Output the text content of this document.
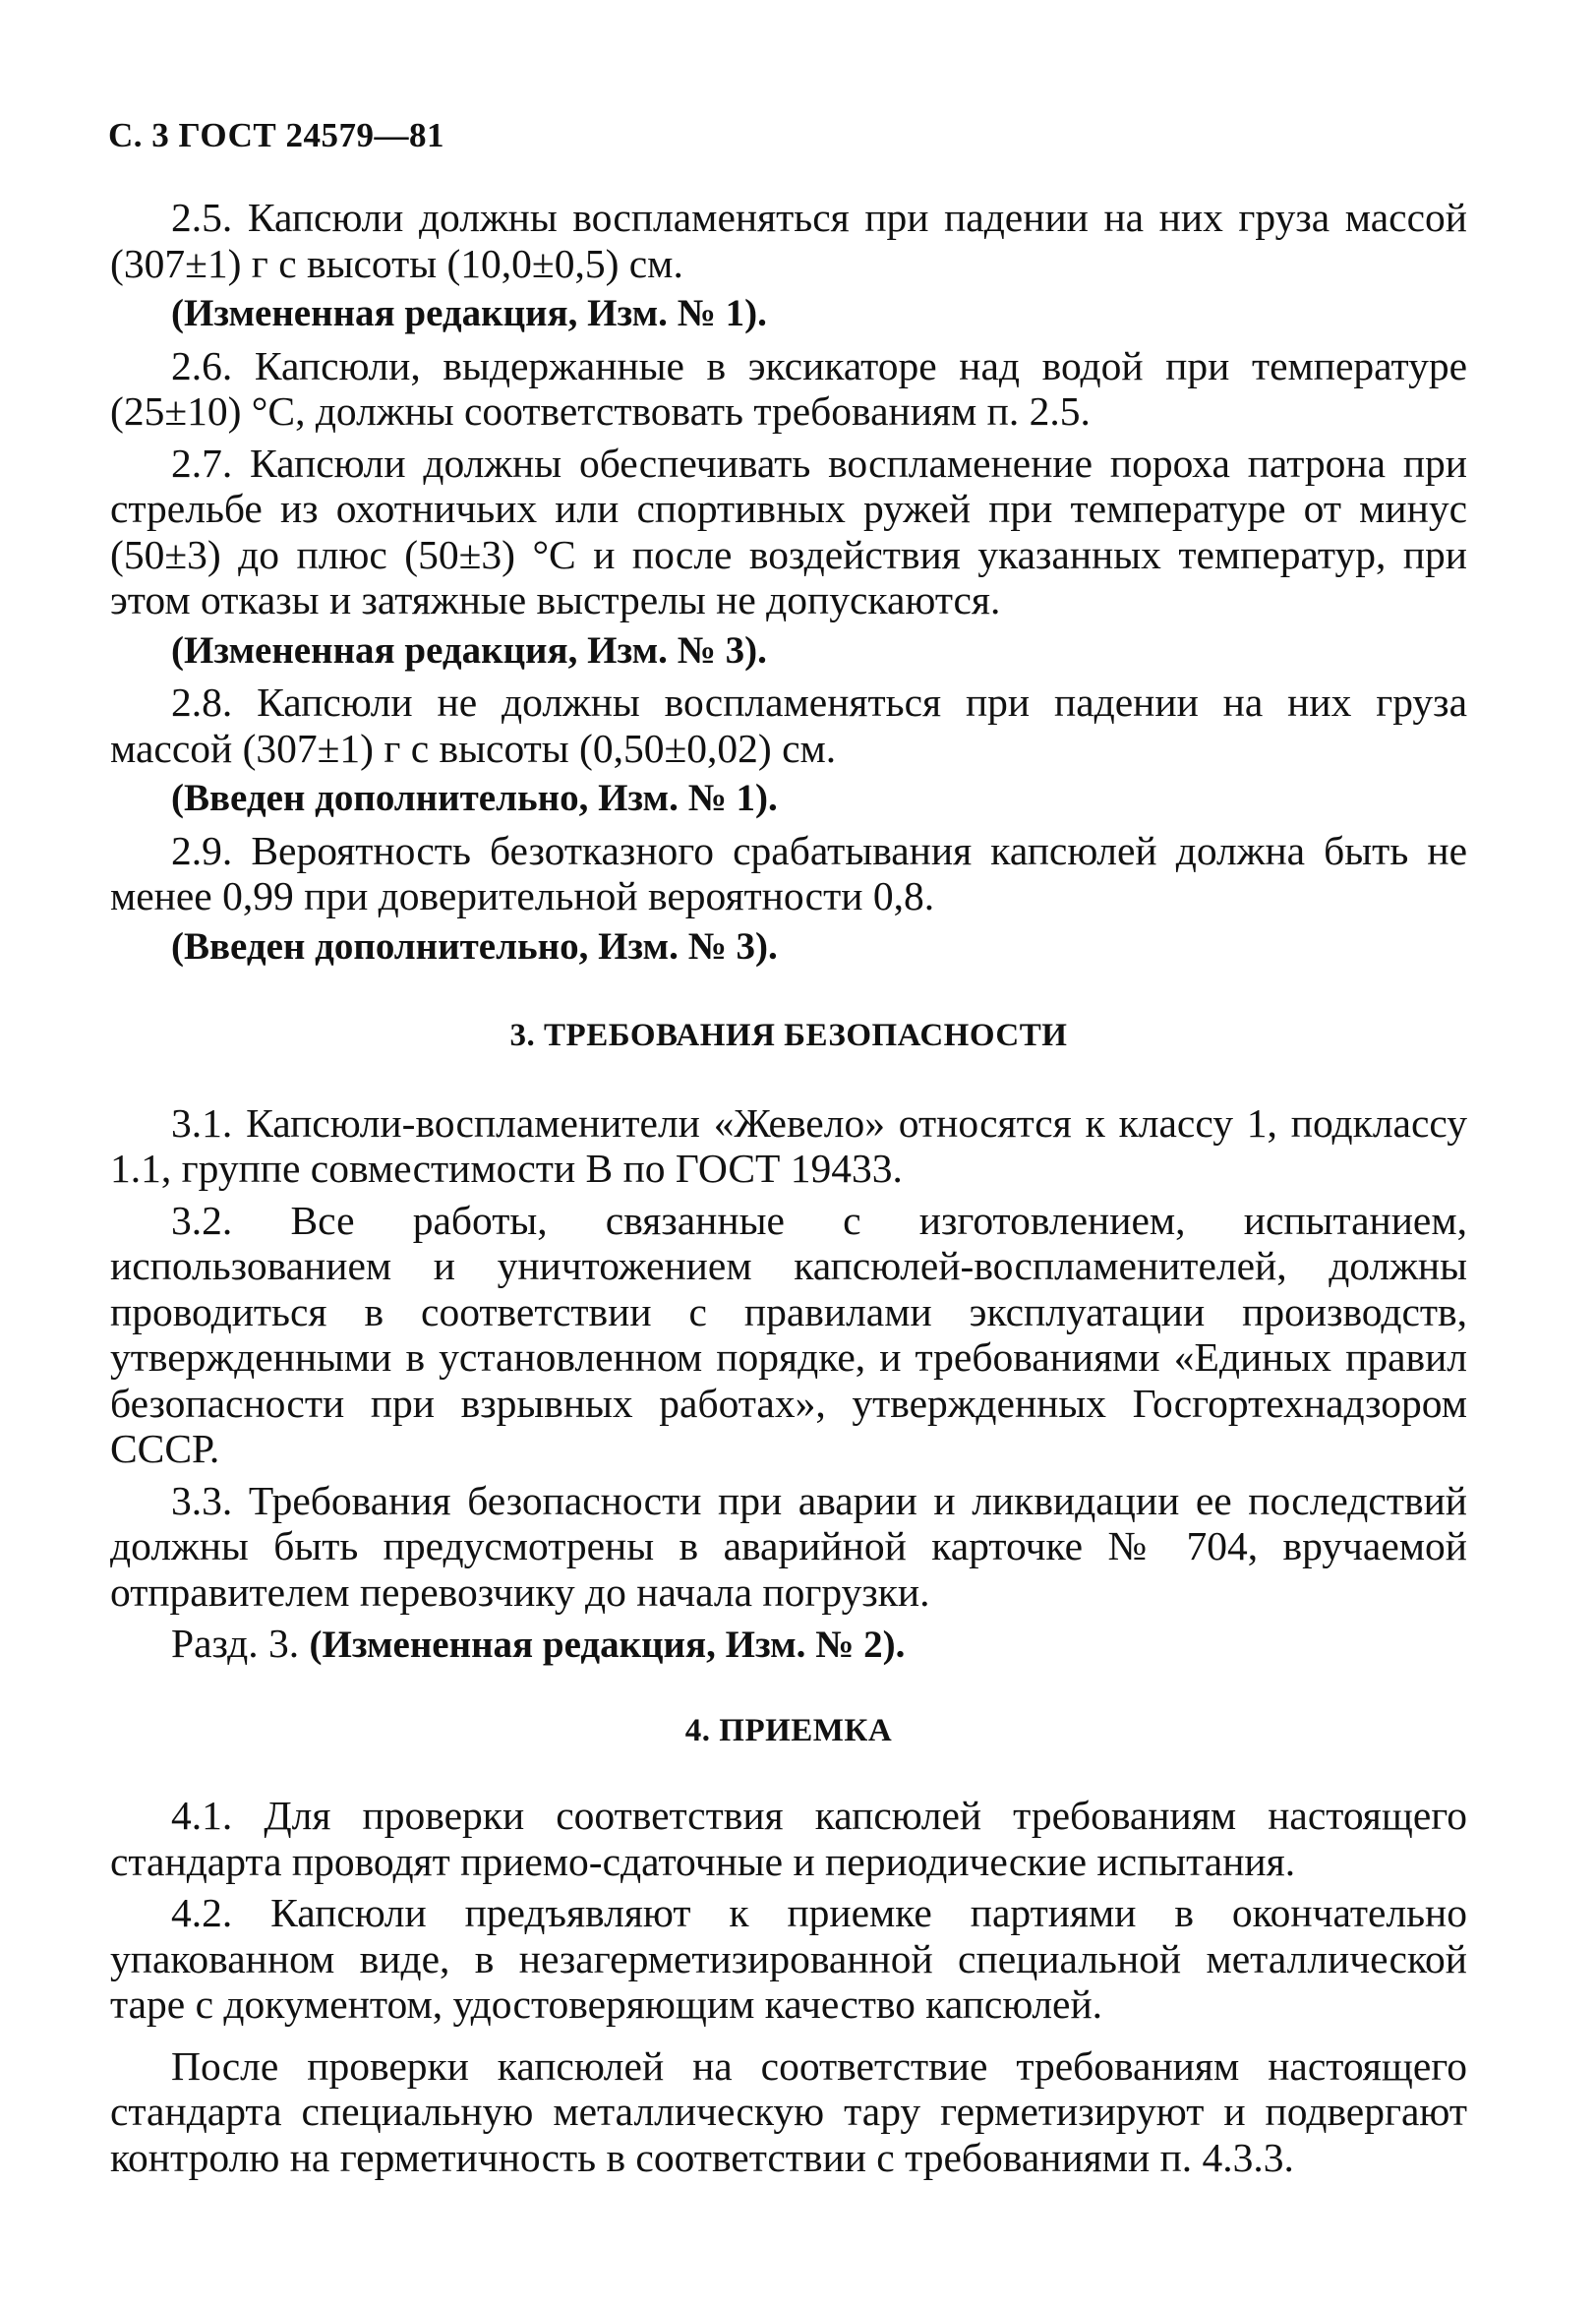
С. 3 ГОСТ 24579—81

2.5. Капсюли должны воспламеняться при падении на них груза массой (307±1) г с высоты (10,0±0,5) см.

(Измененная редакция, Изм. № 1).

2.6. Капсюли, выдержанные в эксикаторе над водой при температуре (25±10) °С, должны соответствовать требованиям п. 2.5.

2.7. Капсюли должны обеспечивать воспламенение пороха патрона при стрельбе из охотничьих или спортивных ружей при температуре от минус (50±3) до плюс (50±3) °С и после воздействия указанных температур, при этом отказы и затяжные выстрелы не допускаются.

(Измененная редакция, Изм. № 3).

2.8. Капсюли не должны воспламеняться при падении на них груза массой (307±1) г с высоты (0,50±0,02) см.

(Введен дополнительно, Изм. № 1).

2.9. Вероятность безотказного срабатывания капсюлей должна быть не менее 0,99 при доверительной вероятности 0,8.

(Введен дополнительно, Изм. № 3).

3. ТРЕБОВАНИЯ БЕЗОПАСНОСТИ

3.1. Капсюли-воспламенители «Жевело» относятся к классу 1, подклассу 1.1, группе совместимости В по ГОСТ 19433.

3.2. Все работы, связанные с изготовлением, испытанием, использованием и уничтожением капсюлей-воспламенителей, должны проводиться в соответствии с правилами эксплуатации производств, утвержденными в установленном порядке, и требованиями «Единых правил безопасности при взрывных работах», утвержденных Госгортехнадзором СССР.

3.3. Требования безопасности при аварии и ликвидации ее последствий должны быть предусмотрены в аварийной карточке № 704, вручаемой отправителем перевозчику до начала погрузки.

Разд. 3. (Измененная редакция, Изм. № 2).

4. ПРИЕМКА

4.1. Для проверки соответствия капсюлей требованиям настоящего стандарта проводят приемо-сдаточные и периодические испытания.

4.2. Капсюли предъявляют к приемке партиями в окончательно упакованном виде, в незагерметизированной специальной металлической таре с документом, удостоверяющим качество капсюлей.

После проверки капсюлей на соответствие требованиям настоящего стандарта специальную металлическую тару герметизируют и подвергают контролю на герметичность в соответствии с требованиями п. 4.3.3.
